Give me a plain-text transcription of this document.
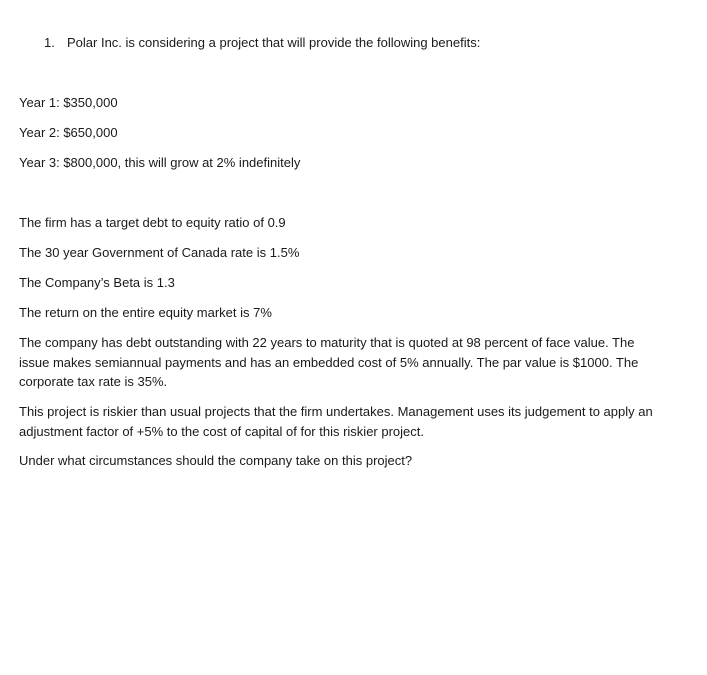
1. Polar Inc. is considering a project that will provide the following benefits:
Year 1: $350,000
Year 2: $650,000
Year 3: $800,000, this will grow at 2% indefinitely
The firm has a target debt to equity ratio of 0.9
The 30 year Government of Canada rate is 1.5%
The Company’s Beta is 1.3
The return on the entire equity market is 7%
The company has debt outstanding with 22 years to maturity that is quoted at 98 percent of face value. The issue makes semiannual payments and has an embedded cost of 5% annually. The par value is $1000. The corporate tax rate is 35%.
This project is riskier than usual projects that the firm undertakes. Management uses its judgement to apply an adjustment factor of +5% to the cost of capital of for this riskier project.
Under what circumstances should the company take on this project?
